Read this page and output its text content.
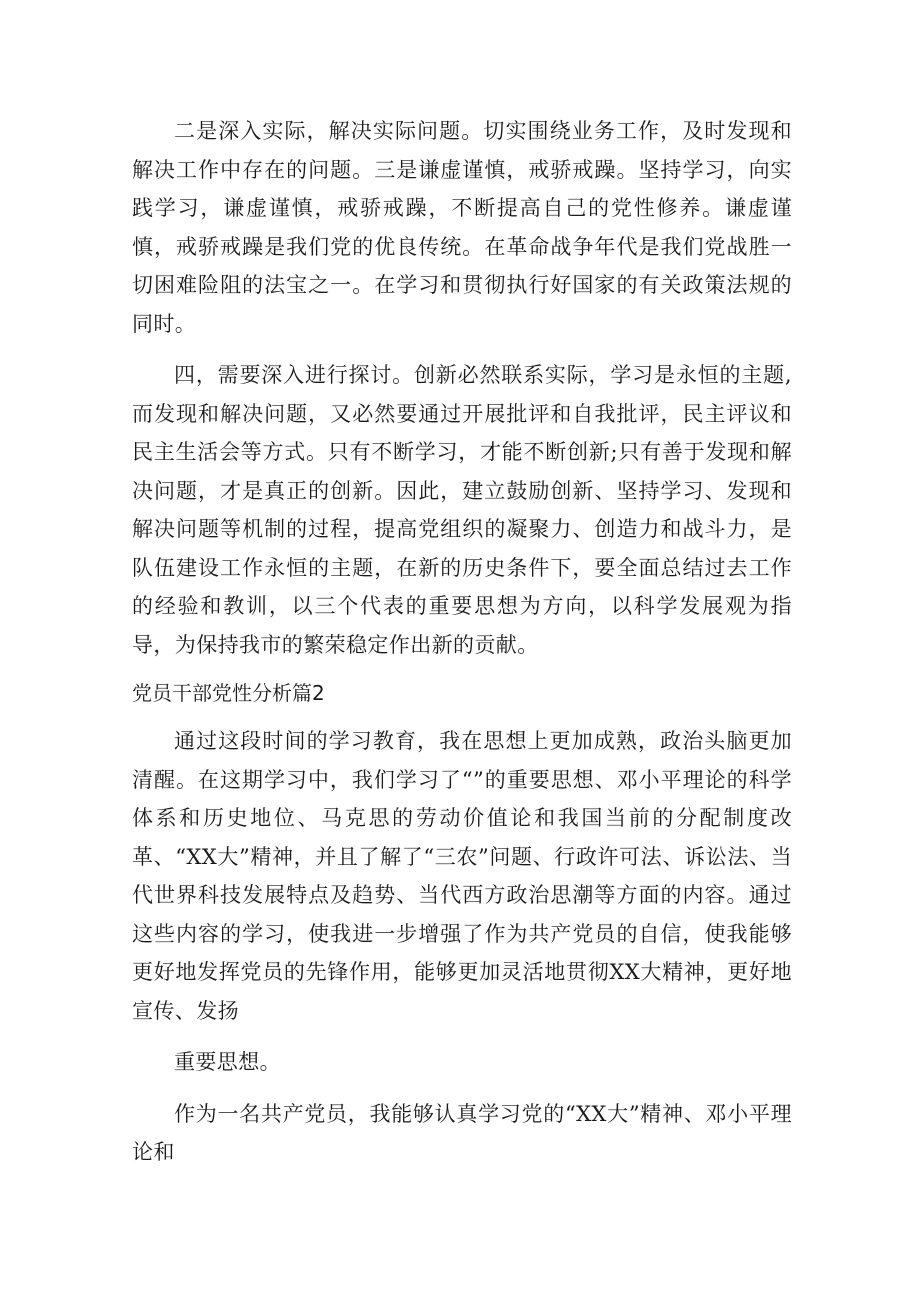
二是深入实际，解决实际问题。切实围绕业务工作，及时发现和解决工作中存在的问题。三是谦虚谨慎，戒骄戒躁。坚持学习，向实践学习，谦虚谨慎，戒骄戒躁，不断提高自己的党性修养。谦虚谨慎，戒骄戒躁是我们党的优良传统。在革命战争年代是我们党战胜一切困难险阻的法宝之一。在学习和贯彻执行好国家的有关政策法规的同时。

四，需要深入进行探讨。创新必然联系实际，学习是永恒的主题,而发现和解决问题，又必然要通过开展批评和自我批评，民主评议和民主生活会等方式。只有不断学习，才能不断创新;只有善于发现和解决问题，才是真正的创新。因此，建立鼓励创新、坚持学习、发现和解决问题等机制的过程，提高党组织的凝聚力、创造力和战斗力，是队伍建设工作永恒的主题，在新的历史条件下，要全面总结过去工作的经验和教训，以三个代表的重要思想为方向，以科学发展观为指导，为保持我市的繁荣稳定作出新的贡献。

党员干部党性分析篇2

通过这段时间的学习教育，我在思想上更加成熟，政治头脑更加清醒。在这期学习中，我们学习了“”的重要思想、邓小平理论的科学体系和历史地位、马克思的劳动价值论和我国当前的分配制度改革、“XX大”精神，并且了解了“三农”问题、行政许可法、诉讼法、当代世界科技发展特点及趋势、当代西方政治思潮等方面的内容。通过这些内容的学习，使我进一步增强了作为共产党员的自信，使我能够更好地发挥党员的先锋作用，能够更加灵活地贯彻XX大精神，更好地宣传、发扬

重要思想。

作为一名共产党员，我能够认真学习党的“XX大”精神、邓小平理论和
